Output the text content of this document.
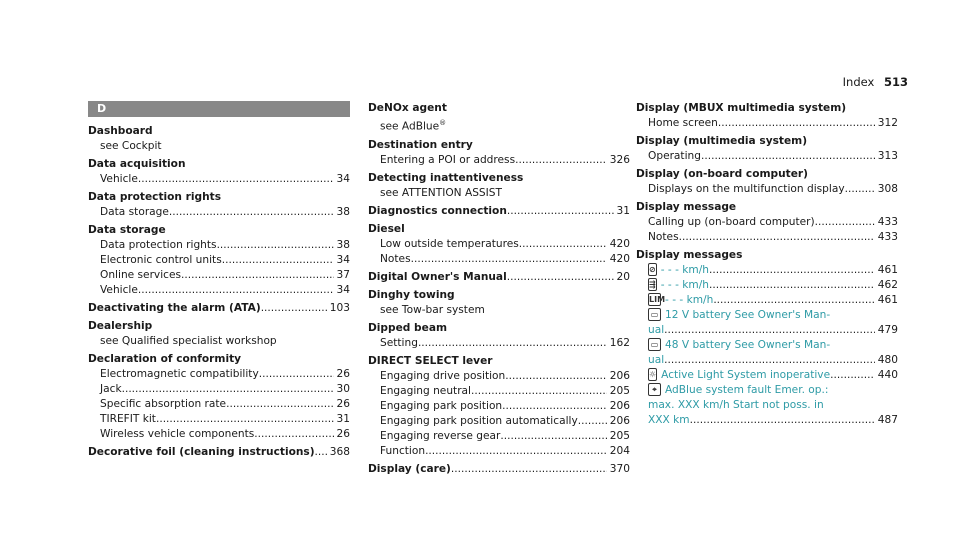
Index 513
D
Dashboard
see Cockpit
Data acquisition
Vehicle .....	34
Data protection rights
Data storage .....	38
Data storage
Data protection rights .....	38
Electronic control units .....	34
Online services .....	37
Vehicle .....	34
Deactivating the alarm (ATA) .....	103
Dealership
see Qualified specialist workshop
Declaration of conformity
Electromagnetic compatibility .....	26
Jack .....	30
Specific absorption rate .....	26
TIREFIT kit .....	31
Wireless vehicle components .....	26
Decorative foil (cleaning instructions) ..... 368
DeNOx agent
see AdBlue®
Destination entry
Entering a POI or address .....	326
Detecting inattentiveness
see ATTENTION ASSIST
Diagnostics connection .....	31
Diesel
Low outside temperatures .....	420
Notes .....	420
Digital Owner's Manual .....	20
Dinghy towing
see Tow-bar system
Dipped beam
Setting .....	162
DIRECT SELECT lever
Engaging drive position .....	206
Engaging neutral .....	205
Engaging park position .....	206
Engaging park position automatically .....	206
Engaging reverse gear .....	205
Function .....	204
Display (care) .....	370
Display (MBUX multimedia system)
Home screen .....	312
Display (multimedia system)
Operating .....	313
Display (on-board computer)
Displays on the multifunction display .....	308
Display message
Calling up (on-board computer) .....	433
Notes .....	433
Display messages
⊘ - - - km/h .....	461
⇶ - - - km/h .....	462
LIM - - - km/h .....	461
▭ 12 V battery See Owner's Man-
ual .....	479
▭ 48 V battery See Owner's Man-
ual .....	480
☼ Active Light System inoperative .....	440
⌖ AdBlue system fault Emer. op.:
max. XXX km/h Start not poss. in
XXX km .....	487
